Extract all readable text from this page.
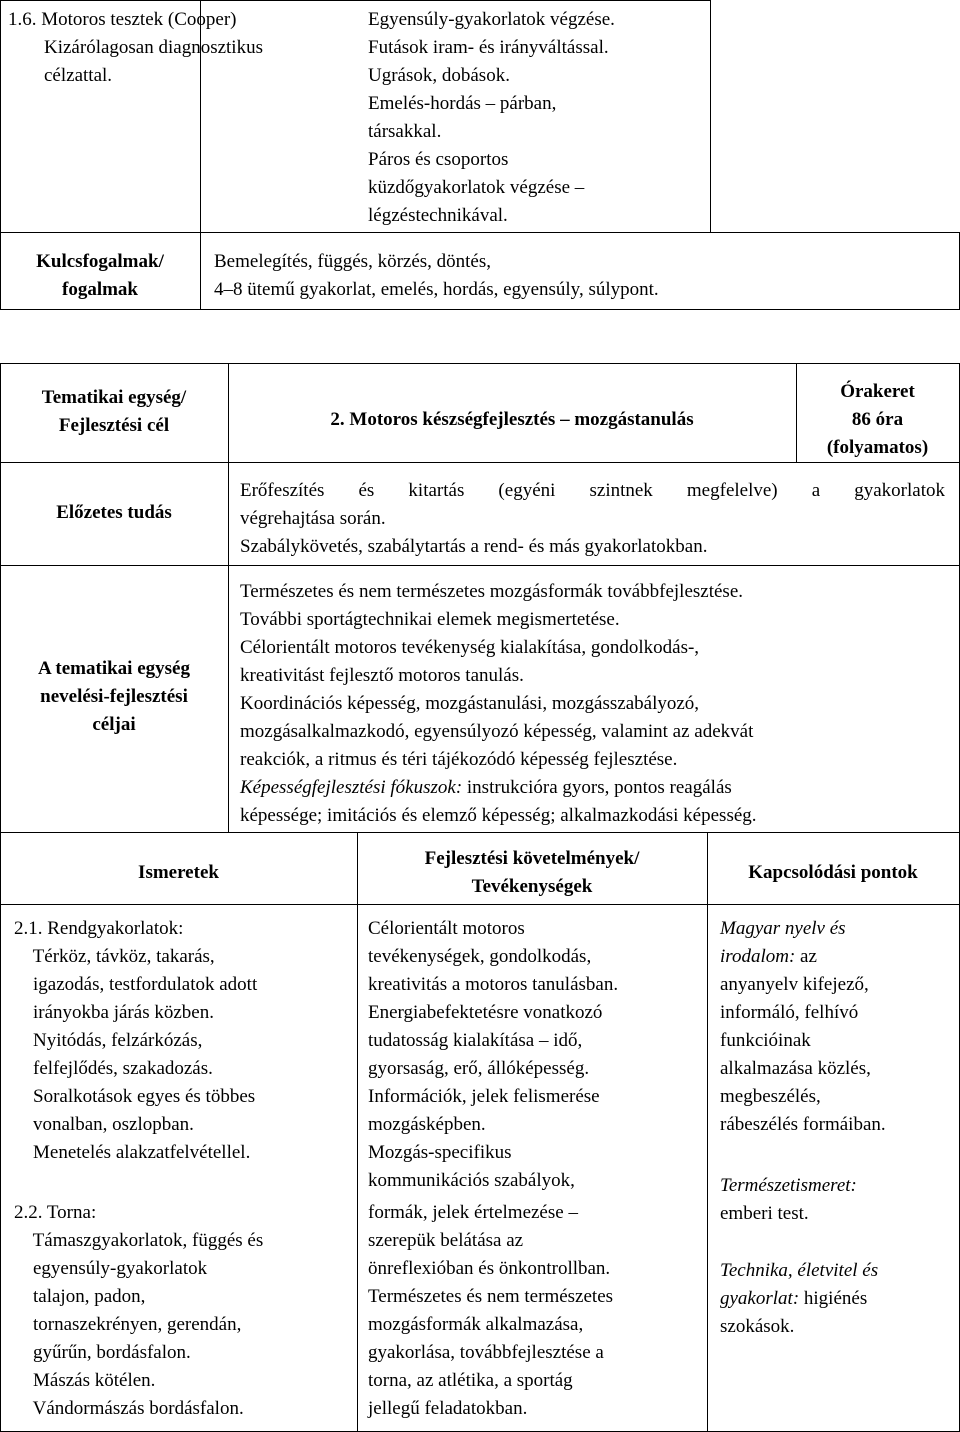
1.6. Motoros tesztek (Cooper)
Kizárólagosan diagnosztikus
célzattal.
Egyensúly-gyakorlatok végzése.
Futások iram- és irányváltással.
Ugrások, dobások.
Emelés-hordás – párban,
társakkal.
Páros és csoportos
küzdőgyakorlatok végzése –
légzéstechnikával.
Kulcsfogalmak/
fogalmak
Bemelegítés, függés, körzés, döntés,
4–8 ütemű gyakorlat, emelés, hordás, egyensúly, súlypont.
Tematikai egység/
Fejlesztési cél	2. Motoros készségfejlesztés – mozgástanulás
Órakeret
86 óra
(folyamatos)
Előzetes tudás
Erőfeszítés és kitartás (egyéni szintnek megfelelve) a gyakorlatok
végrehajtása során.
Szabálykövetés, szabálytartás a rend- és más gyakorlatokban.
A tematikai egység
nevelési-fejlesztési
céljai
Természetes és nem természetes mozgásformák továbbfejlesztése.
További sportágtechnikai elemek megismertetése.
Célorientált motoros tevékenység kialakítása, gondolkodás-,
kreativitást fejlesztő motoros tanulás.
Koordinációs képesség, mozgástanulási, mozgásszabályozó,
mozgásalkalmazkodó, egyensúlyozó képesség, valamint az adekvát
reakciók, a ritmus és téri tájékozódó képesség fejlesztése.
Képességfejlesztési fókuszok: instrukcióra gyors, pontos reagálás
képessége; imitációs és elemző képesség; alkalmazkodási képesség.
Ismeretek
Fejlesztési követelmények/
Tevékenységek
Kapcsolódási pontok
2.1. Rendgyakorlatok:
Térköz, távköz, takarás,
igazodás, testfordulatok adott
irányokba járás közben.
Nyitódás, felzárkózás,
felfejlődés, szakadozás.
Soralkotások egyes és többes
vonalban, oszlopban.
Menetelés alakzatfelvétellel.
2.2. Torna:
Támaszgyakorlatok, függés és
egyensúly-gyakorlatok
talajon, padon,
tornaszekrényen, gerendán,
gyűrűn, bordásfalon.
Mászás kötélen.
Vándormászás bordásfalon.
Célorientált motoros
tevékenységek, gondolkodás,
kreativitás a motoros tanulásban.
Energiabefektetésre vonatkozó
tudatosság kialakítása – idő,
gyorsaság, erő, állóképesség.
Információk, jelek felismerése
mozgásképben.
Mozgás-specifikus
kommunikációs szabályok,
formák, jelek értelmezése –
szerepük belátása az
önreflexióban és önkontrollban.
Természetes és nem természetes
mozgásformák alkalmazása,
gyakorlása, továbbfejlesztése a
torna, az atlétika, a sportág
jellegű feladatokban.
Magyar nyelv és
irodalom: az
anyanyelv kifejező,
informáló, felhívó
funkcióinak
alkalmazása közlés,
megbeszélés,
rábeszélés formáiban.
Természetismeret:
emberi test.
Technika, életvitel és
gyakorlat: higiénés
szokások.
